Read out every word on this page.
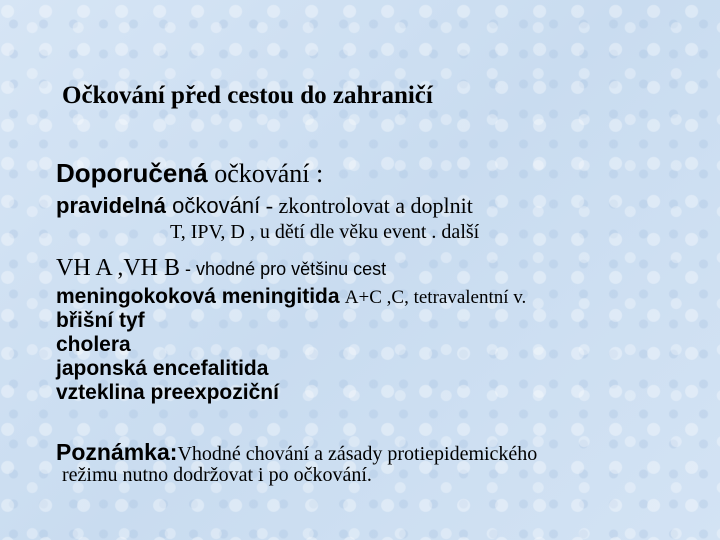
Očkování před cestou do zahraničí
Doporučená očkování :
pravidelná očkování - zkontrolovat a doplnit
T, IPV, D , u dětí dle věku event . další
VH A ,VH B - vhodné pro většinu cest
meningokoková meningitida A+C ,C, tetravalentní v.
břišní tyf
cholera
japonská encefalitida
vzteklina preexpoziční
Poznámka:Vhodné chování a zásady protiepidemického
režimu nutno dodržovat i po očkování.
